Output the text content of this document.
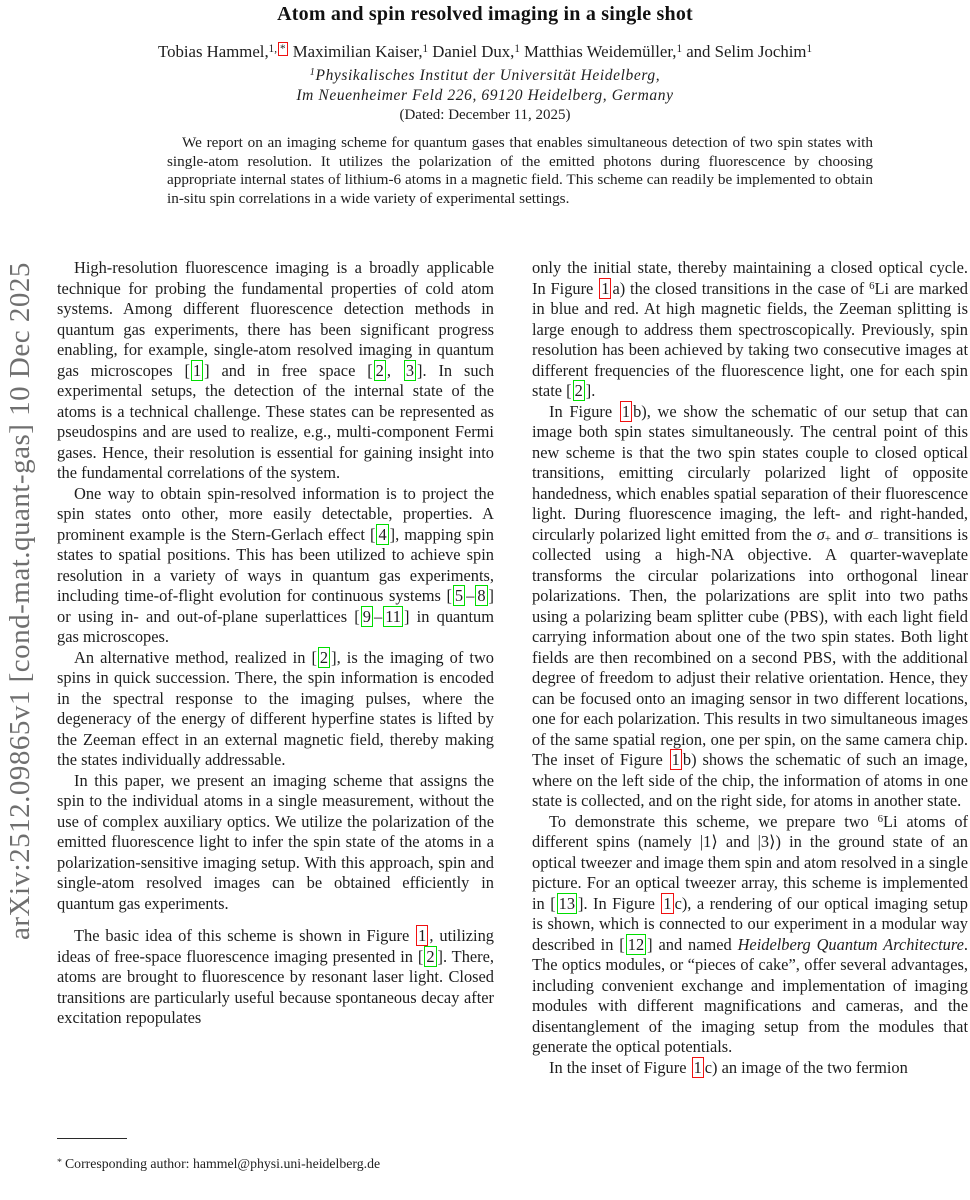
arXiv:2512.09865v1 [cond-mat.quant-gas] 10 Dec 2025
Atom and spin resolved imaging in a single shot
Tobias Hammel,$^{1,}$ * Maximilian Kaiser,$^1$ Daniel Dux,$^1$ Matthias Weidemüller,$^1$ and Selim Jochim$^1$
$^1$Physikalisches Institut der Universität Heidelberg,
Im Neuenheimer Feld 226, 69120 Heidelberg, Germany
(Dated: December 11, 2025)

We report on an imaging scheme for quantum gases that enables simultaneous detection of two spin states with single-atom resolution. It utilizes the polarization of the emitted photons during fluorescence by choosing appropriate internal states of lithium-6 atoms in a magnetic field. This scheme can readily be implemented to obtain in-situ spin correlations in a wide variety of experimental settings.

High-resolution fluorescence imaging is a broadly applicable technique for probing the fundamental properties of cold atom systems. Among different fluorescence detection methods in quantum gas experiments, there has been significant progress enabling, for example, single-atom resolved imaging in quantum gas microscopes [ 1 ] and in free space [ 2 , 3 ]. In such experimental setups, the detection of the internal state of the atoms is a technical challenge. These states can be represented as pseudospins and are used to realize, e.g., multi-component Fermi gases. Hence, their resolution is essential for gaining insight into the fundamental correlations of the system.

One way to obtain spin-resolved information is to project the spin states onto other, more easily detectable, properties. A prominent example is the Stern-Gerlach effect [ 4 ], mapping spin states to spatial positions. This has been utilized to achieve spin resolution in a variety of ways in quantum gas experiments, including time-of-flight evolution for continuous systems [ 5 – 8 ] or using in- and out-of-plane superlattices [ 9 – 11 ] in quantum gas microscopes.

An alternative method, realized in [ 2 ], is the imaging of two spins in quick succession. There, the spin information is encoded in the spectral response to the imaging pulses, where the degeneracy of the energy of different hyperfine states is lifted by the Zeeman effect in an external magnetic field, thereby making the states individually addressable.

In this paper, we present an imaging scheme that assigns the spin to the individual atoms in a single measurement, without the use of complex auxiliary optics. We utilize the polarization of the emitted fluorescence light to infer the spin state of the atoms in a polarization-sensitive imaging setup. With this approach, spin and single-atom resolved images can be obtained efficiently in quantum gas experiments.

The basic idea of this scheme is shown in Figure 1 , utilizing ideas of free-space fluorescence imaging presented in [ 2 ]. There, atoms are brought to fluorescence by resonant laser light. Closed transitions are particularly useful because spontaneous decay after excitation repopulates

only the initial state, thereby maintaining a closed optical cycle. In Figure 1 a) the closed transitions in the case of $^6$Li are marked in blue and red. At high magnetic fields, the Zeeman splitting is large enough to address them spectroscopically. Previously, spin resolution has been achieved by taking two consecutive images at different frequencies of the fluorescence light, one for each spin state [ 2 ].

In Figure 1 b), we show the schematic of our setup that can image both spin states simultaneously. The central point of this new scheme is that the two spin states couple to closed optical transitions, emitting circularly polarized light of opposite handedness, which enables spatial separation of their fluorescence light. During fluorescence imaging, the left- and right-handed, circularly polarized light emitted from the $\sigma_+$ and $\sigma_-$ transitions is collected using a high-NA objective. A quarter-waveplate transforms the circular polarizations into orthogonal linear polarizations. Then, the polarizations are split into two paths using a polarizing beam splitter cube (PBS), with each light field carrying information about one of the two spin states. Both light fields are then recombined on a second PBS, with the additional degree of freedom to adjust their relative orientation. Hence, they can be focused onto an imaging sensor in two different locations, one for each polarization. This results in two simultaneous images of the same spatial region, one per spin, on the same camera chip. The inset of Figure 1 b) shows the schematic of such an image, where on the left side of the chip, the information of atoms in one state is collected, and on the right side, for atoms in another state.

To demonstrate this scheme, we prepare two $^6$Li atoms of different spins (namely |1⟩ and |3⟩) in the ground state of an optical tweezer and image them spin and atom resolved in a single picture. For an optical tweezer array, this scheme is implemented in [ 13 ]. In Figure 1 c), a rendering of our optical imaging setup is shown, which is connected to our experiment in a modular way described in [ 12 ] and named Heidelberg Quantum Architecture. The optics modules, or “pieces of cake”, offer several advantages, including convenient exchange and implementation of imaging modules with different magnifications and cameras, and the disentanglement of the imaging setup from the modules that generate the optical potentials.

In the inset of Figure 1 c) an image of the two fermion

* Corresponding author: hammel@physi.uni-heidelberg.de
